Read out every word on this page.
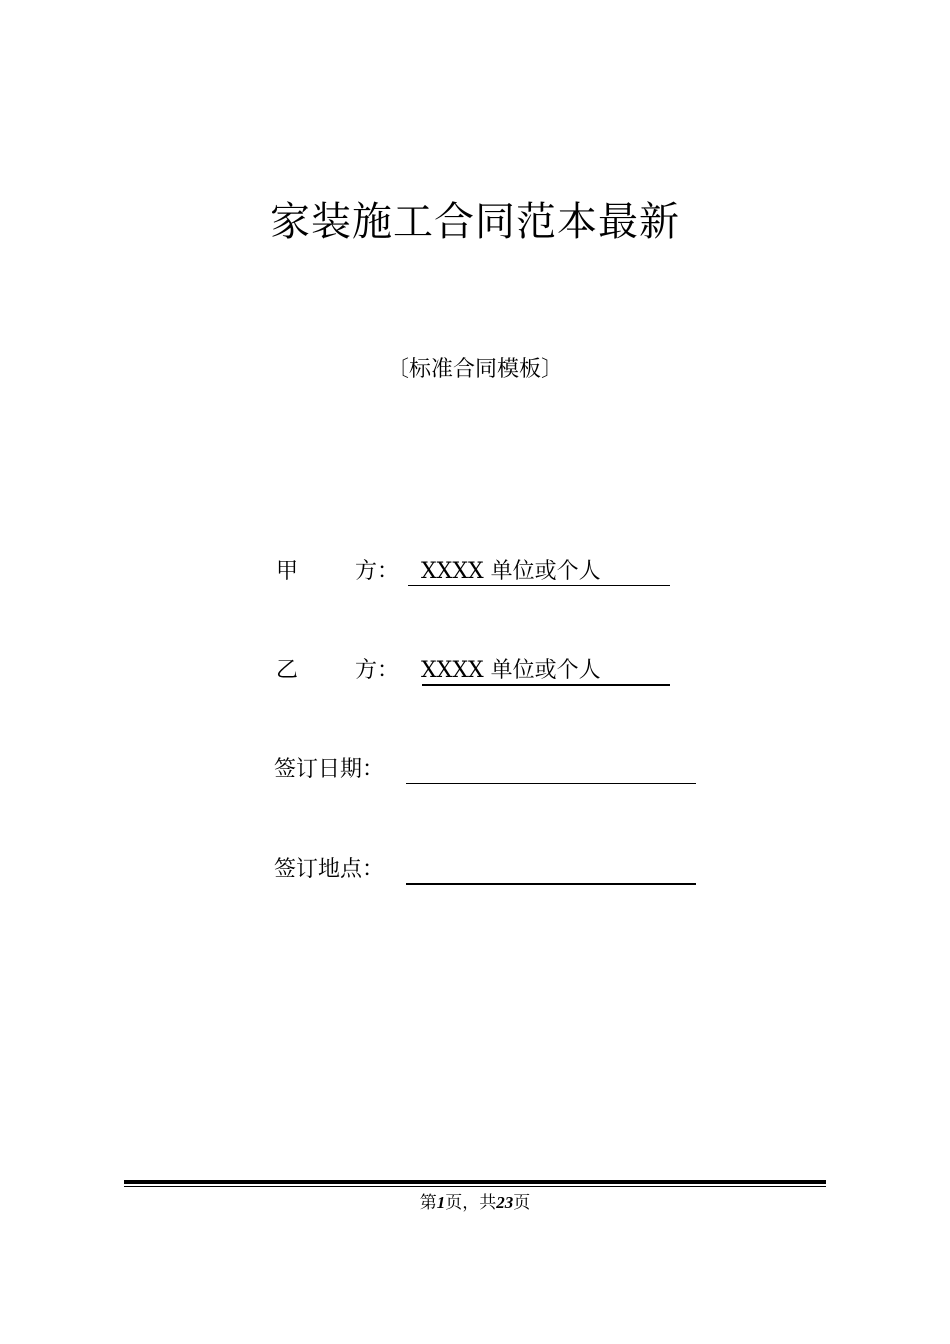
家装施工合同范本最新
〔标准合同模板〕
甲	方： XXXX 单位或个人
乙	方： XXXX 单位或个人
签订日期：
签订地点：
第1页，共23页
